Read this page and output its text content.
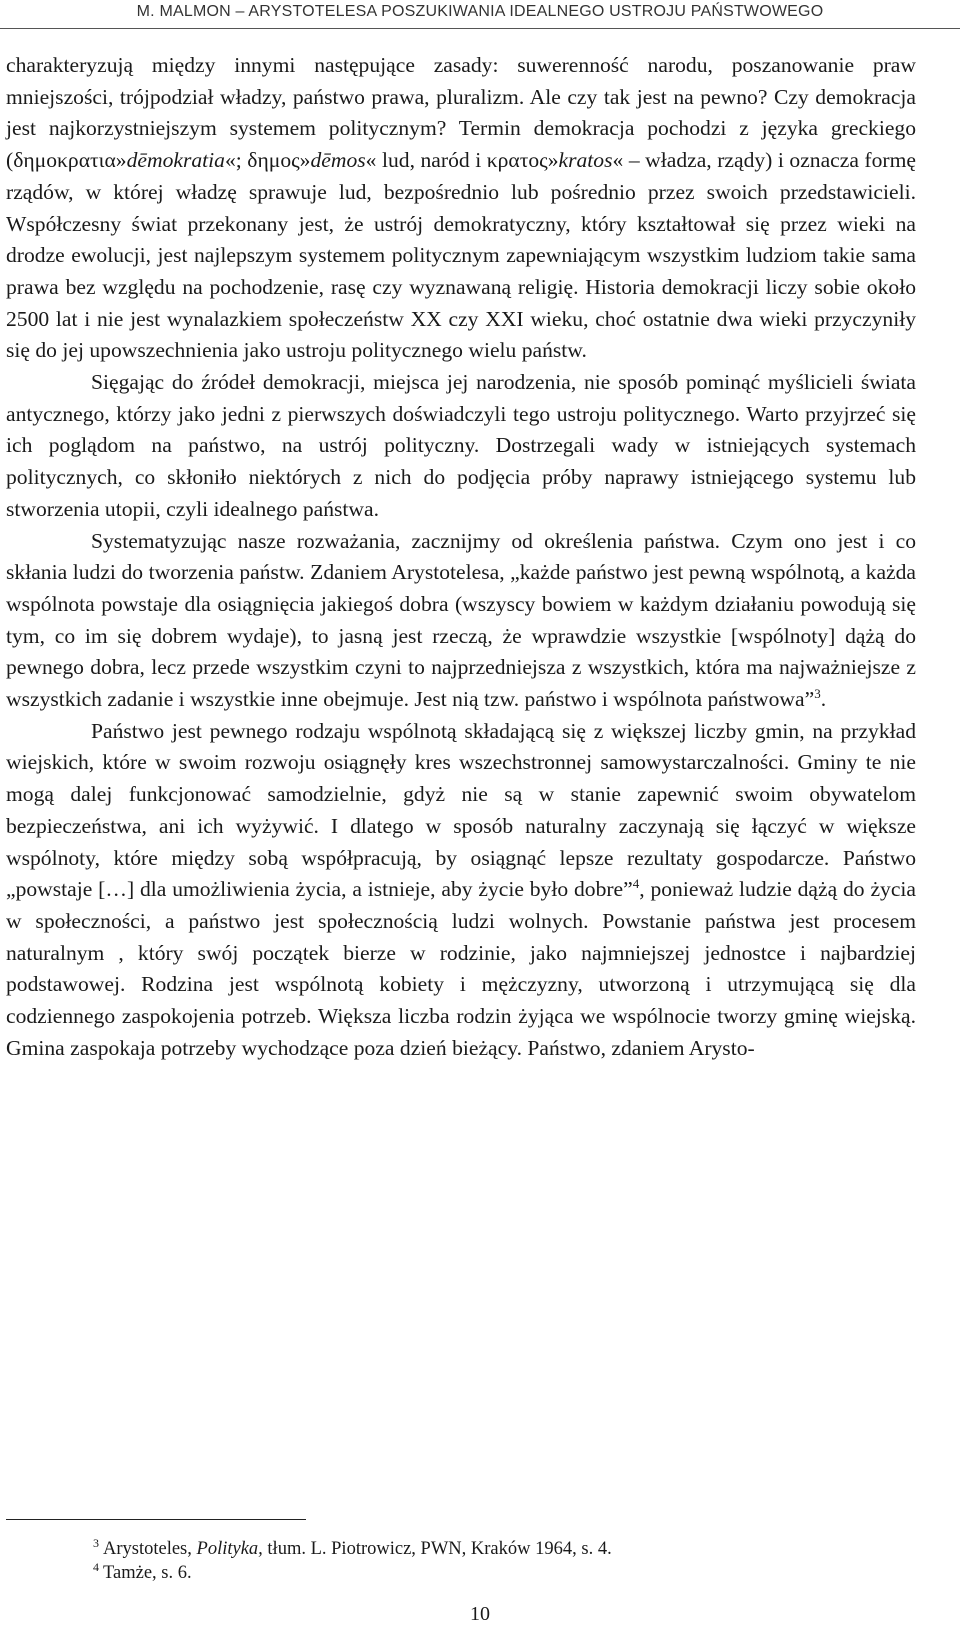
M. MALMON – ARYSTOTELESA POSZUKIWANIA IDEALNEGO USTROJU PAŃSTWOWEGO

charakteryzują między innymi następujące zasady: suwerenność narodu, poszanowanie praw mniejszości, trójpodział władzy, państwo prawa, pluralizm. Ale czy tak jest na pewno? Czy demokracja jest najkorzystniejszym systemem politycznym? Termin demokracja pochodzi z języka greckiego (δημοκρατια»dēmokratia«; δημος»dēmos« lud, naród i κρατος»kratos« – władza, rządy) i oznacza formę rządów, w której władzę sprawuje lud, bezpośrednio lub pośrednio przez swoich przedstawicieli. Współczesny świat przekonany jest, że ustrój demokratyczny, który kształtował się przez wieki na drodze ewolucji, jest najlepszym systemem politycznym zapewniającym wszystkim ludziom takie sama prawa bez względu na pochodzenie, rasę czy wyznawaną religię. Historia demokracji liczy sobie około 2500 lat i nie jest wynalazkiem społeczeństw XX czy XXI wieku, choć ostatnie dwa wieki przyczyniły się do jej upowszechnienia jako ustroju politycznego wielu państw.

Sięgając do źródeł demokracji, miejsca jej narodzenia, nie sposób pominąć myślicieli świata antycznego, którzy jako jedni z pierwszych doświadczyli tego ustroju politycznego. Warto przyjrzeć się ich poglądom na państwo, na ustrój polityczny. Dostrzegali wady w istniejących systemach politycznych, co skłoniło niektórych z nich do podjęcia próby naprawy istniejącego systemu lub stworzenia utopii, czyli idealnego państwa.

Systematyzując nasze rozważania, zacznijmy od określenia państwa. Czym ono jest i co skłania ludzi do tworzenia państw. Zdaniem Arystotelesa, „każde państwo jest pewną wspólnotą, a każda wspólnota powstaje dla osiągnięcia jakiegoś dobra (wszyscy bowiem w każdym działaniu powodują się tym, co im się dobrem wydaje), to jasną jest rzeczą, że wprawdzie wszystkie [wspólnoty] dążą do pewnego dobra, lecz przede wszystkim czyni to najprzedniejsza z wszystkich, która ma najważniejsze z wszystkich zadanie i wszystkie inne obejmuje. Jest nią tzw. państwo i wspólnota państwowa”$^3$.

Państwo jest pewnego rodzaju wspólnotą składającą się z większej liczby gmin, na przykład wiejskich, które w swoim rozwoju osiągnęły kres wszechstronnej samowystarczalności. Gminy te nie mogą dalej funkcjonować samodzielnie, gdyż nie są w stanie zapewnić swoim obywatelom bezpieczeństwa, ani ich wyżywić. I dlatego w sposób naturalny zaczynają się łączyć w większe wspólnoty, które między sobą współpracują, by osiągnąć lepsze rezultaty gospodarcze. Państwo „powstaje […] dla umożliwienia życia, a istnieje, aby życie było dobre”$^4$, ponieważ ludzie dążą do życia w społeczności, a państwo jest społecznością ludzi wolnych. Powstanie państwa jest procesem naturalnym , który swój początek bierze w rodzinie, jako najmniejszej jednostce i najbardziej podstawowej. Rodzina jest wspólnotą kobiety i mężczyzny, utworzoną i utrzymującą się dla codziennego zaspokojenia potrzeb. Większa liczba rodzin żyjąca we wspólnocie tworzy gminę wiejską. Gmina zaspokaja potrzeby wychodzące poza dzień bieżący. Państwo, zdaniem Arysto-

$^3$ Arystoteles, Polityka, tłum. L. Piotrowicz, PWN, Kraków 1964, s. 4.

$^4$ Tamże, s. 6.

10
